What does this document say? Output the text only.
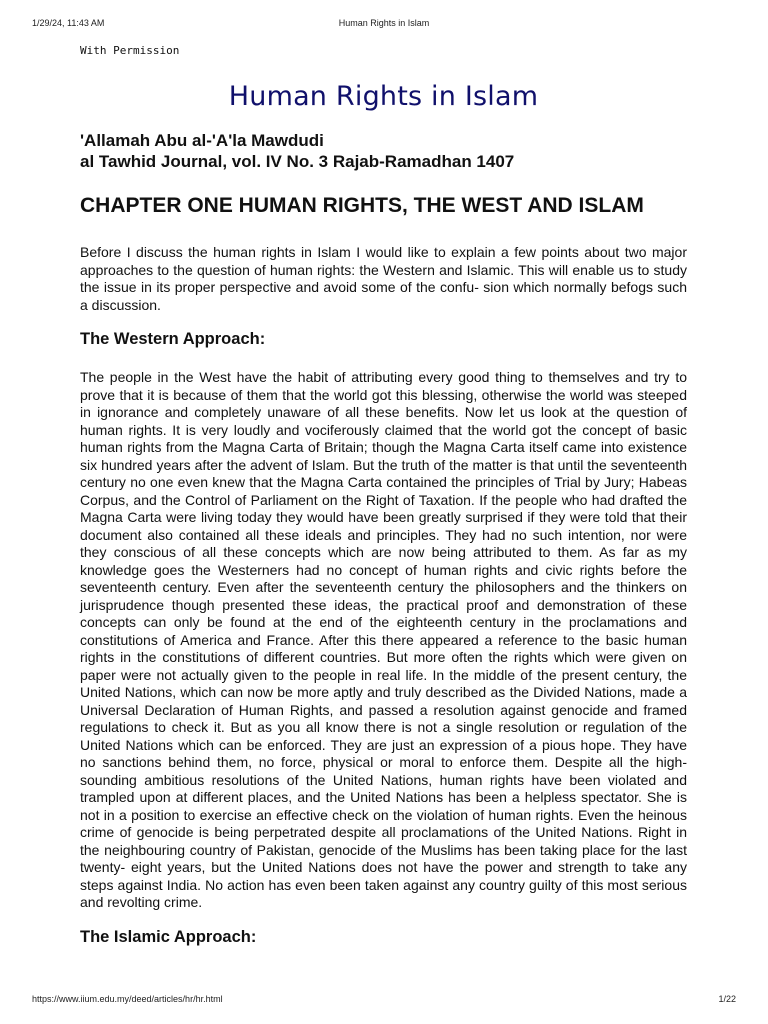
1/29/24, 11:43 AM	Human Rights in Islam
With Permission
Human Rights in Islam
'Allamah Abu al-'A'la Mawdudi
al Tawhid Journal, vol. IV No. 3 Rajab-Ramadhan 1407
CHAPTER ONE HUMAN RIGHTS, THE WEST AND ISLAM

Before I discuss the human rights in Islam I would like to explain a few points about two major approaches to the question of human rights: the Western and Islamic. This will enable us to study the issue in its proper perspective and avoid some of the confu- sion which normally befogs such a discussion.

The Western Approach:

The people in the West have the habit of attributing every good thing to themselves and try to prove that it is because of them that the world got this blessing, otherwise the world was steeped in ignorance and completely unaware of all these benefits. Now let us look at the question of human rights. It is very loudly and vociferously claimed that the world got the concept of basic human rights from the Magna Carta of Britain; though the Magna Carta itself came into existence six hundred years after the advent of Islam. But the truth of the matter is that until the seventeenth century no one even knew that the Magna Carta contained the principles of Trial by Jury; Habeas Corpus, and the Control of Parliament on the Right of Taxation. If the people who had drafted the Magna Carta were living today they would have been greatly surprised if they were told that their document also contained all these ideals and principles. They had no such intention, nor were they conscious of all these concepts which are now being attributed to them. As far as my knowledge goes the Westerners had no concept of human rights and civic rights before the seventeenth century. Even after the seventeenth century the philosophers and the thinkers on jurisprudence though presented these ideas, the practical proof and demonstration of these concepts can only be found at the end of the eighteenth century in the proclamations and constitutions of America and France. After this there appeared a reference to the basic human rights in the constitutions of different countries. But more often the rights which were given on paper were not actually given to the people in real life. In the middle of the present century, the United Nations, which can now be more aptly and truly described as the Divided Nations, made a Universal Declaration of Human Rights, and passed a resolution against genocide and framed regulations to check it. But as you all know there is not a single resolution or regulation of the United Nations which can be enforced. They are just an expression of a pious hope. They have no sanctions behind them, no force, physical or moral to enforce them. Despite all the high-sounding ambitious resolutions of the United Nations, human rights have been violated and trampled upon at different places, and the United Nations has been a helpless spectator. She is not in a position to exercise an effective check on the violation of human rights. Even the heinous crime of genocide is being perpetrated despite all proclamations of the United Nations. Right in the neighbouring country of Pakistan, genocide of the Muslims has been taking place for the last twenty- eight years, but the United Nations does not have the power and strength to take any steps against India. No action has even been taken against any country guilty of this most serious and revolting crime.

The Islamic Approach:
https://www.iium.edu.my/deed/articles/hr/hr.html	1/22
